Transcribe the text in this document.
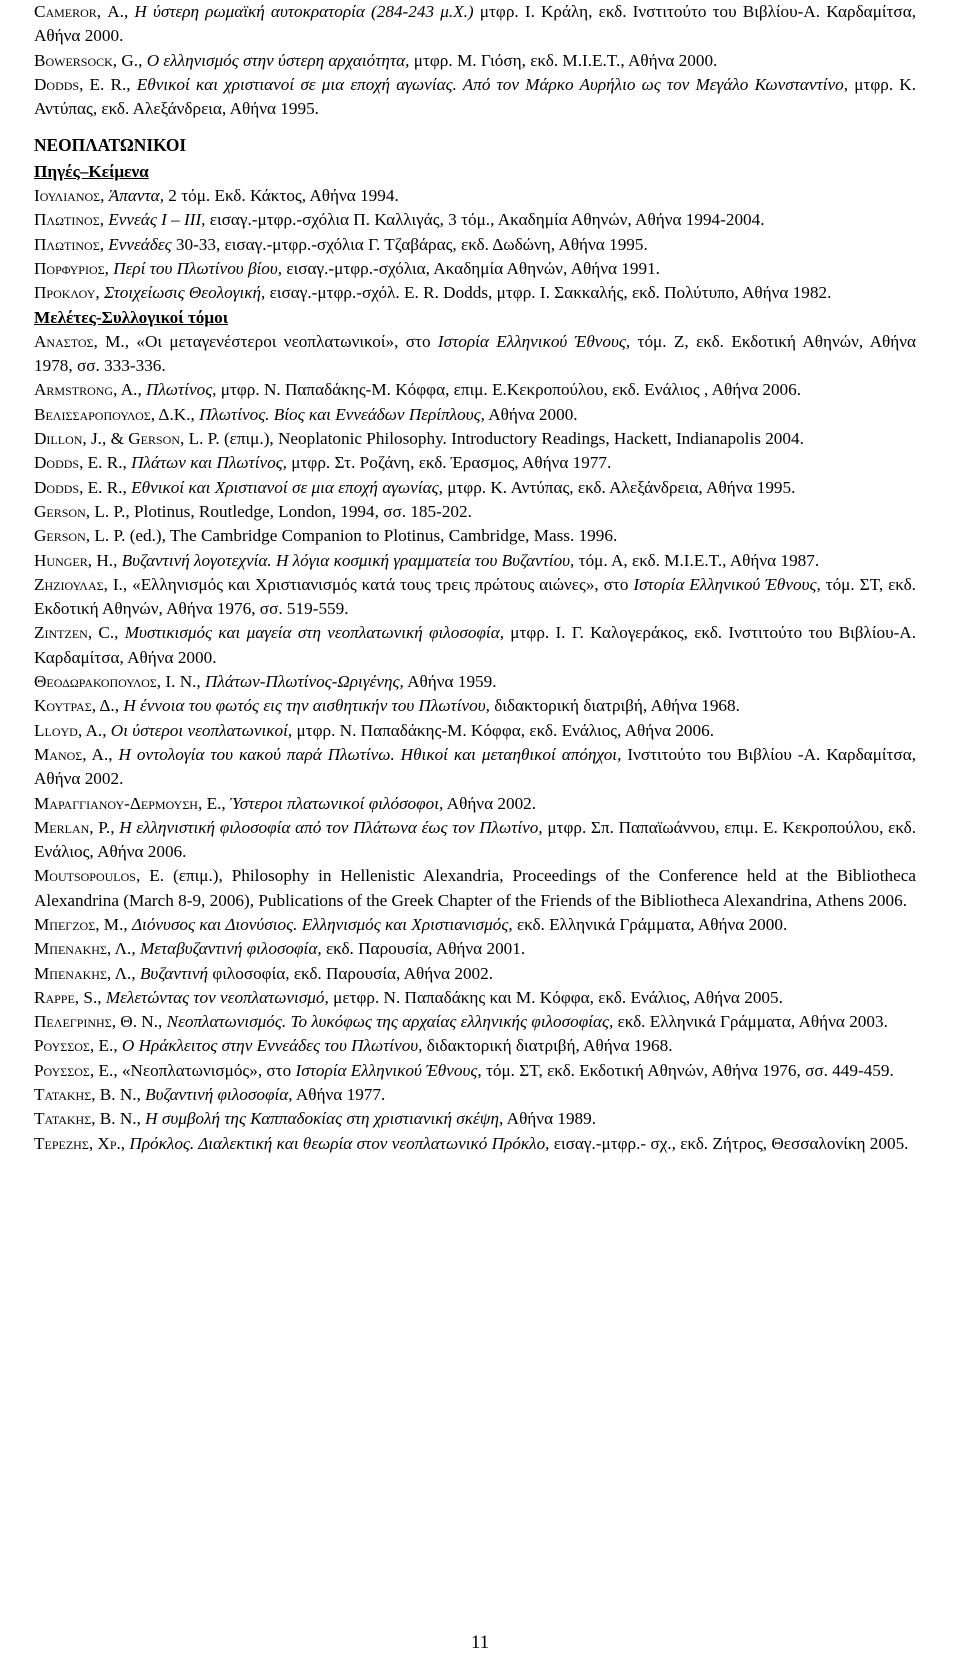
Cameror, Α., Η ύστερη ρωμαϊκή αυτοκρατορία (284-243 μ.Χ.) μτφρ. Ι. Κράλη, εκδ. Ινστιτούτο του Βιβλίου-Α. Καρδαμίτσα, Αθήνα 2000.

Bowersock, G., Ο ελληνισμός στην ύστερη αρχαιότητα, μτφρ. Μ. Γιόση, εκδ. Μ.Ι.Ε.Τ., Αθήνα 2000.

Dodds, E. R., Εθνικοί και χριστιανοί σε μια εποχή αγωνίας. Από τον Μάρκο Αυρήλιο ως τον Μεγάλο Κωνσταντίνο, μτφρ. Κ. Αντύπας, εκδ. Αλεξάνδρεια, Αθήνα 1995.

ΝΕΟΠΛΑΤΩΝΙΚΟΙ

Πηγές–Κείμενα

Ιουλιανος, Άπαντα, 2 τόμ. Εκδ. Κάκτος, Αθήνα 1994.

Πλωτινος, Εννεάς Ι – ΙΙΙ, εισαγ.-μτφρ.-σχόλια Π. Καλλιγάς, 3 τόμ., Ακαδημία Αθηνών, Αθήνα 1994-2004.

Πλωτινος, Εννεάδες 30-33, εισαγ.-μτφρ.-σχόλια Γ. Τζαβάρας, εκδ. Δωδώνη, Αθήνα 1995.

Πορφυριος, Περί του Πλωτίνου βίου, εισαγ.-μτφρ.-σχόλια, Ακαδημία Αθηνών, Αθήνα 1991.

Προκλου, Στοιχείωσις Θεολογική, εισαγ.-μτφρ.-σχόλ. E. R. Dodds, μτφρ. Ι. Σακκαλής, εκδ. Πολύτυπο, Αθήνα 1982.

Μελέτες-Συλλογικοί τόμοι

Αναστος, Μ., «Οι μεταγενέστεροι νεοπλατωνικοί», στο Ιστορία Ελληνικού Έθνους, τόμ. Ζ, εκδ. Εκδοτική Αθηνών, Αθήνα 1978, σσ. 333-336.

Armstrong, A., Πλωτίνος, μτφρ. Ν. Παπαδάκης-Μ. Κόφφα, επιμ. Ε.Κεκροπούλου, εκδ. Ενάλιος , Αθήνα 2006.

Βελισσαροπουλος, Δ.Κ., Πλωτίνος. Βίος και Εννεάδων Περίπλους, Αθήνα 2000.

Dillon, J., & Gerson, L. P. (επιμ.), Neoplatonic Philosophy. Introductory Readings, Hackett, Indianapolis 2004.

Dodds, E. R., Πλάτων και Πλωτίνος, μτφρ. Στ. Ροζάνη, εκδ. Έρασμος, Αθήνα 1977.

Dodds, E. R., Εθνικοί και Χριστιανοί σε μια εποχή αγωνίας, μτφρ. Κ. Αντύπας, εκδ. Αλεξάνδρεια, Αθήνα 1995.

Gerson, L. P., Plotinus, Routledge, London, 1994, σσ. 185-202.

Gerson, L. P. (ed.), The Cambridge Companion to Plotinus, Cambridge, Mass. 1996.

Hunger, H., Βυζαντινή λογοτεχνία. Η λόγια κοσμική γραμματεία του Βυζαντίου, τόμ. Α, εκδ. Μ.Ι.Ε.Τ., Αθήνα 1987.

Ζηζιουλας, Ι., «Ελληνισμός και Χριστιανισμός κατά τους τρεις πρώτους αιώνες», στο Ιστορία Ελληνικού Έθνους, τόμ. ΣΤ, εκδ. Εκδοτική Αθηνών, Αθήνα 1976, σσ. 519-559.

Zintzen, C., Μυστικισμός και μαγεία στη νεοπλατωνική φιλοσοφία, μτφρ. Ι. Γ. Καλογεράκος, εκδ. Ινστιτούτο του Βιβλίου-Α. Καρδαμίτσα, Αθήνα 2000.

Θεοδωρακοπουλος, Ι. Ν., Πλάτων-Πλωτίνος-Ωριγένης, Αθήνα 1959.

Κουτρας, Δ., Η έννοια του φωτός εις την αισθητικήν του Πλωτίνου, διδακτορική διατριβή, Αθήνα 1968.

Lloyd, A., Οι ύστεροι νεοπλατωνικοί, μτφρ. Ν. Παπαδάκης-Μ. Κόφφα, εκδ. Ενάλιος, Αθήνα 2006.

Μανος, Α., Η οντολογία του κακού παρά Πλωτίνω. Ηθικοί και μεταηθικοί απόηχοι, Ινστιτούτο του Βιβλίου -Α. Καρδαμίτσα, Αθήνα 2002.

Μαραγγιανου-Δερμουση, Ε., Ύστεροι πλατωνικοί φιλόσοφοι, Αθήνα 2002.

Merlan, P., Η ελληνιστική φιλοσοφία από τον Πλάτωνα έως τον Πλωτίνο, μτφρ. Σπ. Παπαϊωάννου, επιμ. Ε. Κεκροπούλου, εκδ. Ενάλιος, Αθήνα 2006.

Moutsopoulos, E. (επιμ.), Philosophy in Hellenistic Alexandria, Proceedings of the Conference held at the Bibliotheca Alexandrina (March 8-9, 2006), Publications of the Greek Chapter of the Friends of the Bibliotheca Alexandrina, Athens 2006.

Μπεγζος, Μ., Διόνυσος και Διονύσιος. Ελληνισμός και Χριστιανισμός, εκδ. Ελληνικά Γράμματα, Αθήνα 2000.

Μπενακης, Λ., Μεταβυζαντινή φιλοσοφία, εκδ. Παρουσία, Αθήνα 2001.

Μπενακης, Λ., Βυζαντινή φιλοσοφία, εκδ. Παρουσία, Αθήνα 2002.

Rappe, S., Μελετώντας τον νεοπλατωνισμό, μετφρ. Ν. Παπαδάκης και Μ. Κόφφα, εκδ. Ενάλιος, Αθήνα 2005.

Πελεγρινης, Θ. Ν., Νεοπλατωνισμός. Το λυκόφως της αρχαίας ελληνικής φιλοσοφίας, εκδ. Ελληνικά Γράμματα, Αθήνα 2003.

Ρουσσος, Ε., Ο Ηράκλειτος στην Εννεάδες του Πλωτίνου, διδακτορική διατριβή, Αθήνα 1968.

Ρουσσος, Ε., «Νεοπλατωνισμός», στο Ιστορία Ελληνικού Έθνους, τόμ. ΣΤ, εκδ. Εκδοτική Αθηνών, Αθήνα 1976, σσ. 449-459.

Τατακης, Β. Ν., Βυζαντινή φιλοσοφία, Αθήνα 1977.

Τατακης, Β. Ν., Η συμβολή της Καππαδοκίας στη χριστιανική σκέψη, Αθήνα 1989.

Τερεζης, Χρ., Πρόκλος. Διαλεκτική και θεωρία στον νεοπλατωνικό Πρόκλο, εισαγ.-μτφρ.- σχ., εκδ. Ζήτρος, Θεσσαλονίκη 2005.

11
